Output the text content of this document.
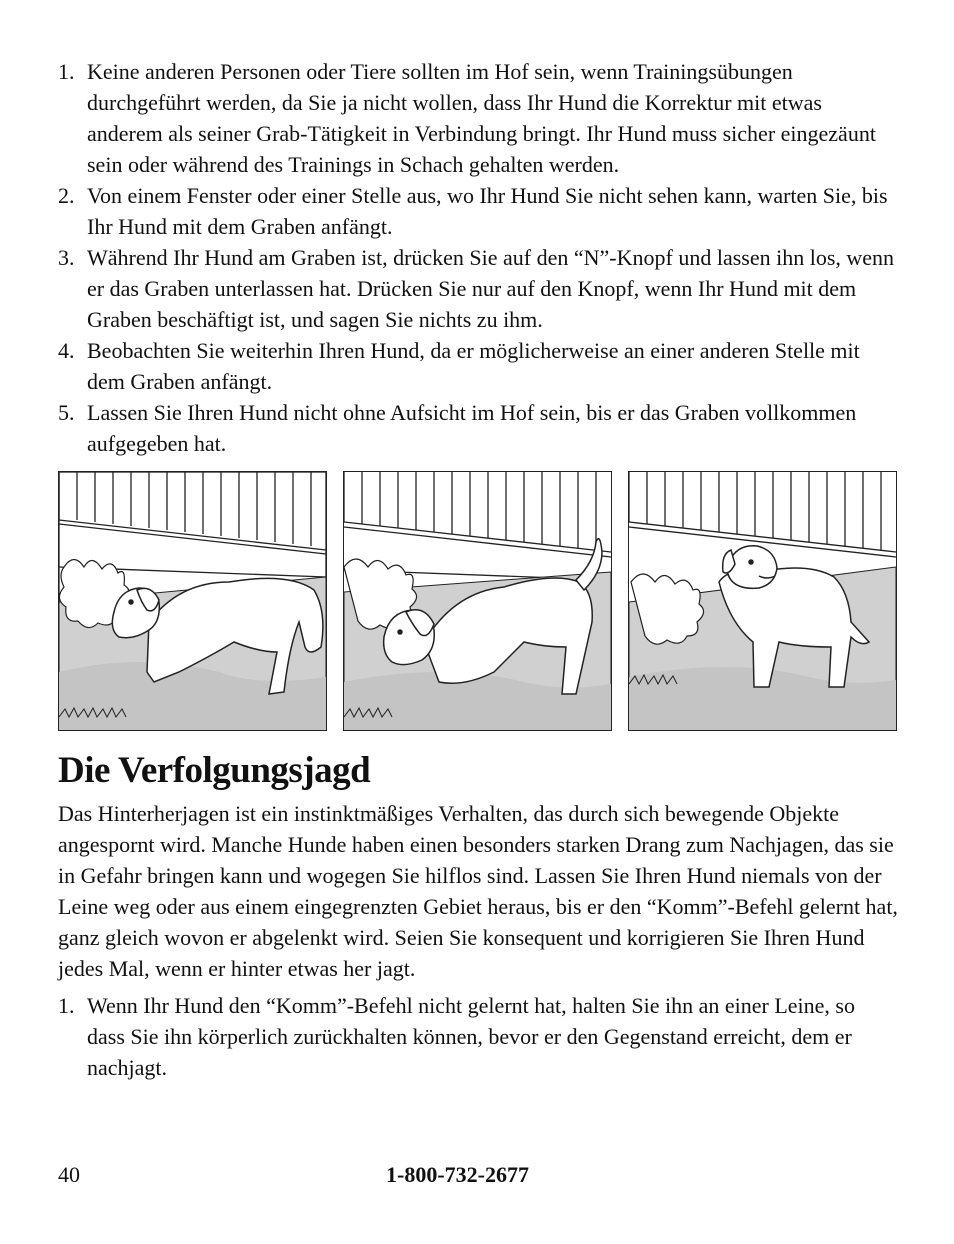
1. Keine anderen Personen oder Tiere sollten im Hof sein, wenn Trainingsübungen durchgeführt werden, da Sie ja nicht wollen, dass Ihr Hund die Korrektur mit etwas anderem als seiner Grab-Tätigkeit in Verbindung bringt. Ihr Hund muss sicher eingezäunt sein oder während des Trainings in Schach gehalten werden.
2. Von einem Fenster oder einer Stelle aus, wo Ihr Hund Sie nicht sehen kann, warten Sie, bis Ihr Hund mit dem Graben anfängt.
3. Während Ihr Hund am Graben ist, drücken Sie auf den “N”-Knopf und lassen ihn los, wenn er das Graben unterlassen hat. Drücken Sie nur auf den Knopf, wenn Ihr Hund mit dem Graben beschäftigt ist, und sagen Sie nichts zu ihm.
4. Beobachten Sie weiterhin Ihren Hund, da er möglicherweise an einer anderen Stelle mit dem Graben anfängt.
5. Lassen Sie Ihren Hund nicht ohne Aufsicht im Hof sein, bis er das Graben vollkommen aufgegeben hat.
Die Verfolgungsjagd

Das Hinterherjagen ist ein instinktmäßiges Verhalten, das durch sich bewegende Objekte angespornt wird. Manche Hunde haben einen besonders starken Drang zum Nachjagen, das sie in Gefahr bringen kann und wogegen Sie hilflos sind. Lassen Sie Ihren Hund niemals von der Leine weg oder aus einem eingegrenzten Gebiet heraus, bis er den “Komm”-Befehl gelernt hat, ganz gleich wovon er abgelenkt wird. Seien Sie konsequent und korrigieren Sie Ihren Hund jedes Mal, wenn er hinter etwas her jagt.

1. Wenn Ihr Hund den “Komm”-Befehl nicht gelernt hat, halten Sie ihn an einer Leine, so dass Sie ihn körperlich zurückhalten können, bevor er den Gegenstand erreicht, dem er nachjagt.
40	1-800-732-2677
